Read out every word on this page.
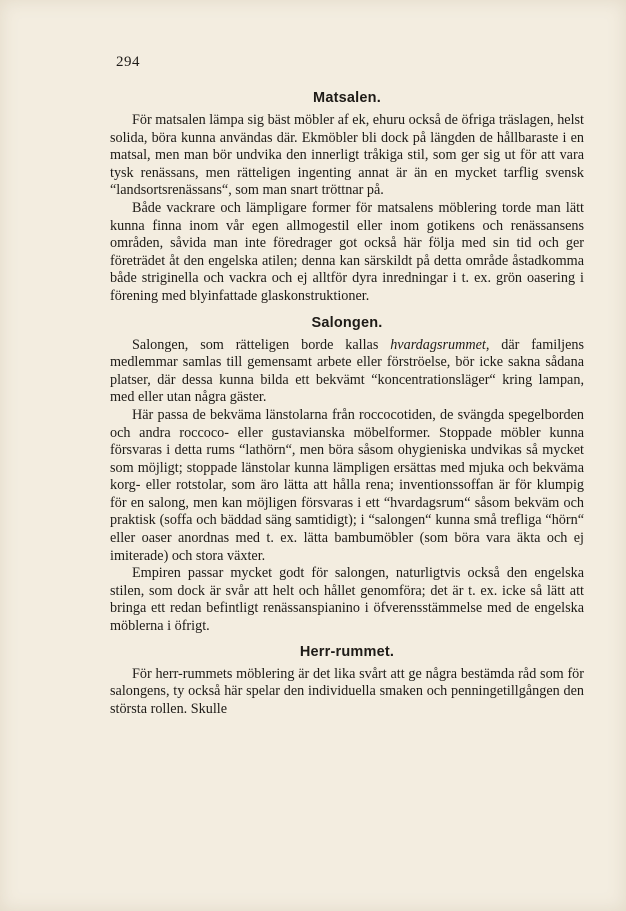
294
Matsalen.

För matsalen lämpa sig bäst möbler af ek, ehuru också de öfriga träslagen, helst solida, böra kunna användas där. Ekmöbler bli dock på längden de hållbaraste i en matsal, men man bör undvika den innerligt tråkiga stil, som ger sig ut för att vara tysk renässans, men rätteligen ingenting annat är än en mycket tarflig svensk “landsortsrenässans“, som man snart tröttnar på.

Både vackrare och lämpligare former för matsalens möblering torde man lätt kunna finna inom vår egen allmogestil eller inom gotikens och renässansens områden, såvida man inte föredrager got också här följa med sin tid och ger företrädet åt den engelska atilen; denna kan särskildt på detta område åstadkomma både striginella och vackra och ej alltför dyra inredningar i t. ex. grön oasering i förening med blyinfattade glaskonstruktioner.

Salongen.

Salongen, som rätteligen borde kallas hvardagsrummet, där familjens medlemmar samlas till gemensamt arbete eller förströelse, bör icke sakna sådana platser, där dessa kunna bilda ett bekvämt “koncentrationsläger“ kring lampan, med eller utan några gäster.

Här passa de bekväma länstolarna från roccocotiden, de svängda spegelborden och andra roccoco- eller gustavianska möbelformer. Stoppade möbler kunna försvaras i detta rums “lathörn“, men böra såsom ohygieniska undvikas så mycket som möjligt; stoppade länstolar kunna lämpligen ersättas med mjuka och bekväma korg- eller rotstolar, som äro lätta att hålla rena; inventionssoffan är för klumpig för en salong, men kan möjligen försvaras i ett “hvardagsrum“ såsom bekväm och praktisk (soffa och bäddad säng samtidigt); i “salongen“ kunna små trefliga “hörn“ eller oaser anordnas med t. ex. lätta bambumöbler (som böra vara äkta och ej imiterade) och stora växter.

Empiren passar mycket godt för salongen, naturligtvis också den engelska stilen, som dock är svår att helt och hållet genomföra; det är t. ex. icke så lätt att bringa ett redan befintligt renässanspianino i öfverensstämmelse med de engelska möblerna i öfrigt.

Herr-rummet.

För herr-rummets möblering är det lika svårt att ge några bestämda råd som för salongens, ty också här spelar den individuella smaken och penningetillgången den största rollen. Skulle
